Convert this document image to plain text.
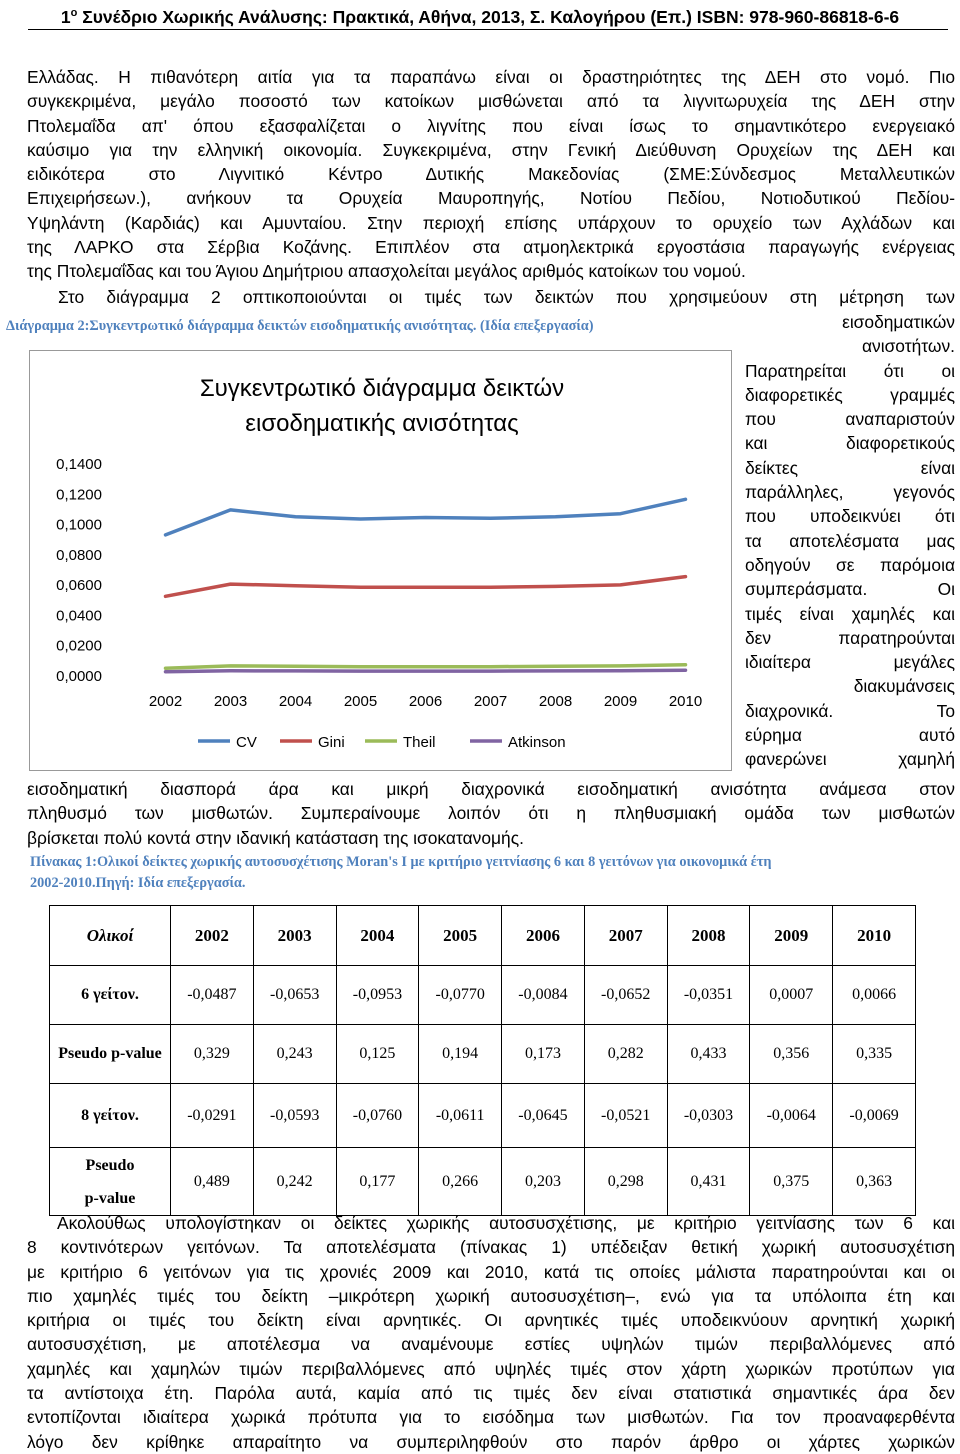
$1^o$ Συνέδριο Χωρικής Ανάλυσης: Πρακτικά, Αθήνα, 2013, Σ. Καλογήρου (Επ.) ISBN: 978-960-86818-6-6
Ελλάδας. Η πιθανότερη αιτία για τα παραπάνω είναι οι δραστηριότητες της ΔΕΗ στο νομό. Πιο
συγκεκριμένα, μεγάλο ποσοστό των κατοίκων μισθώνεται από τα λιγνιτωρυχεία της ΔΕΗ στην
Πτολεμαΐδα απ' όπου εξασφαλίζεται ο λιγνίτης που είναι ίσως το σημαντικότερο ενεργειακό
καύσιμο για την ελληνική οικονομία. Συγκεκριμένα, στην Γενική Διεύθυνση Ορυχείων της ΔΕΗ και
ειδικότερα στο Λιγνιτικό Κέντρο Δυτικής Μακεδονίας (ΣΜΕ:Σύνδεσμος Μεταλλευτικών
Επιχειρήσεων.), ανήκουν τα Ορυχεία Μαυροπηγής, Νοτίου Πεδίου, Νοτιοδυτικού Πεδίου-
Υψηλάντη (Καρδιάς) και Αμυνταίου. Στην περιοχή επίσης υπάρχουν το ορυχείο των Αχλάδων και
της ΛΑΡΚΟ στα Σέρβια Κοζάνης. Επιπλέον στα ατμοηλεκτρικά εργοστάσια παραγωγής ενέργειας
της Πτολεμαΐδας και του Άγιου Δημήτριου απασχολείται μεγάλος αριθμός κατοίκων του νομού.
Στο διάγραμμα 2 οπτικοποιούνται οι τιμές των δεικτών που χρησιμεύουν στη μέτρηση των
Διάγραμμα 2:Συγκεντρωτικό διάγραμμα δεικτών εισοδηματικής ανισότητας. (Ιδία επεξεργασία)
Συγκεντρωτικό διάγραμμα δεικτών
εισοδηματικής ανισότητας
0,0000
0,0200
0,0400
0,0600
0,0800
0,1000
0,1200
0,1400
2002 2003 2004 2005 2006 2007 2008 2009 2010
CV	Gini	Theil	Atkinson
εισοδηματικών
ανισοτήτων.
Παρατηρείται ότι οι
διαφορετικές γραμμές
που αναπαριστούν
και διαφορετικούς
δείκτες είναι
παράλληλες, γεγονός
που υποδεικνύει ότι
τα αποτελέσματα μας
οδηγούν σε παρόμοια
συμπεράσματα. Οι
τιμές είναι χαμηλές και
δεν παρατηρούνται
ιδιαίτερα μεγάλες
διακυμάνσεις
διαχρονικά. Το
εύρημα αυτό
φανερώνει χαμηλή
εισοδηματική διασπορά άρα και μικρή διαχρονικά εισοδηματική ανισότητα ανάμεσα στον
πληθυσμό των μισθωτών. Συμπεραίνουμε λοιπόν ότι η πληθυσμιακή ομάδα των μισθωτών
βρίσκεται πολύ κοντά στην ιδανική κατάσταση της ισοκατανομής.
Πίνακας 1:Ολικοί δείκτες χωρικής αυτοσυσχέτισης Moran's I με κριτήριο γειτνίασης 6 και 8 γειτόνων για οικονομικά έτη
2002-2010.Πηγή: Ιδία επεξεργασία.
Ολικοί	2002	2003	2004	2005	2006	2007	2008	2009	2010
6 γείτον.	-0,0487	-0,0653	-0,0953	-0,0770	-0,0084	-0,0652	-0,0351	0,0007	0,0066
Pseudo p-value	0,329	0,243	0,125	0,194	0,173	0,282	0,433	0,356	0,335
8 γείτον.	-0,0291	-0,0593	-0,0760	-0,0611	-0,0645	-0,0521	-0,0303	-0,0064	-0,0069

Pseudo
p-value	0,489	0,242	0,177	0,266	0,203	0,298	0,431	0,375	0,363
Ακολούθως υπολογίστηκαν οι δείκτες χωρικής αυτοσυσχέτισης, με κριτήριο γειτνίασης των 6 και
8 κοντινότερων γειτόνων. Τα αποτελέσματα (πίνακας 1) υπέδειξαν θετική χωρική αυτοσυσχέτιση
με κριτήριο 6 γειτόνων για τις χρονιές 2009 και 2010, κατά τις οποίες μάλιστα παρατηρούνται και οι
πιο χαμηλές τιμές του δείκτη –μικρότερη χωρική αυτοσυσχέτιση–, ενώ για τα υπόλοιπα έτη και
κριτήρια οι τιμές του δείκτη είναι αρνητικές. Οι αρνητικές τιμές υποδεικνύουν αρνητική χωρική
αυτοσυσχέτιση, με αποτέλεσμα να αναμένουμε εστίες υψηλών τιμών περιβαλλόμενες από
χαμηλές και χαμηλών τιμών περιβαλλόμενες από υψηλές τιμές στον χάρτη χωρικών προτύπων για
τα αντίστοιχα έτη. Παρόλα αυτά, καμία από τις τιμές δεν είναι στατιστικά σημαντικές άρα δεν
εντοπίζονται ιδιαίτερα χωρικά πρότυπα για το εισόδημα των μισθωτών. Για τον προαναφερθέντα
λόγο δεν κρίθηκε απαραίτητο να συμπεριληφθούν στο παρόν άρθρο οι χάρτες χωρικών
